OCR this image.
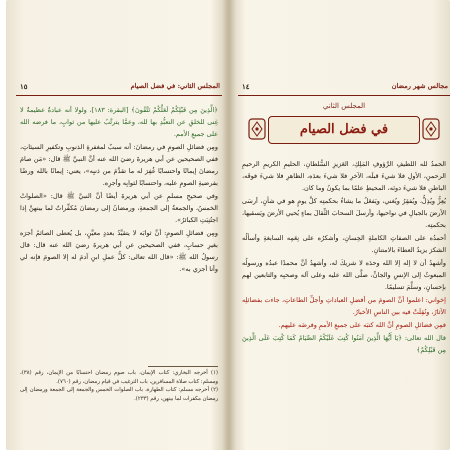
١٤	مجالس شهر رمضان
المجلس الثاني
في فضل الصيام

الحمدُ لله اللطيفِ الرَّؤوفِ المَلِكِ، العَزيزِ السُّلطانِ، الحليمِ الكريمِ الرحيمِ الرحمنِ، الأولِ فلا شيءَ قبلَه، الآخرِ فلا شيءَ بعدَه، الظاهرِ فلا شيءَ فوقَه، الباطنِ فلا شيءَ دونَه، المحيطِ علمًا بما يكونُ وما كان.

يُعِزُّ ويُذِلُّ، ويُفقِرُ ويُغني، ويَفعَلُ ما يشاءُ بحكمتِه كلَّ يومٍ هو في شأنٍ، أرسَى الأرضَ بالجبالِ في نواحيها، وأرسلَ السحابَ الثِّقالَ بماءٍ يُحيي الأرضَ ويَسقيها، بحكمتِه.

أحمدُه على الصفاتِ الكاملةِ الحِسانِ، وأشكرُه على نِعَمِه السابغةِ وأسألُه الشكرَ يزيدُ العطاءَ بالامتنانِ.

وأشهدُ أن لا إله إلا الله وحدَه لا شريكَ له، وأشهدُ أنَّ محمدًا عبدُه ورسولُه المبعوثُ إلى الإنسِ والجانِّ، صلَّى الله عليه وعلى آله وصحبِه والتابعين لهم بإحسانٍ، وسلَّمَ تسليمًا.

إخواني: اعلموا أنَّ الصومَ من أفضلِ العباداتِ وأجلِّ الطاعاتِ، جاءت بفضائلِه الآثارُ، ونُقِلَتْ فيه بين الناسِ الأخبارُ.

فمِن فضائلِ الصومِ أنَّ الله كتبَه على جميعِ الأممِ وفرضَه عليهم.

قال الله تعالى: ﴿يَا أَيُّهَا الَّذِينَ آمَنُوا كُتِبَ عَلَيْكُمُ الصِّيَامُ كَمَا كُتِبَ عَلَى الَّذِينَ مِن قَبْلِكُمْ﴾

١٥	المجلس الثاني: في فضل الصيام

﴿الَّذِينَ مِن قَبْلِكُمْ لَعَلَّكُمْ تَتَّقُونَ﴾ [البقرة: ١٨٣]، ولولا أنه عبادةٌ عظيمةٌ لا غِنى للخلقِ عن التعبُّدِ بها لله، وعمَّا يترتَّبُ عليها من ثوابٍ، ما فرضه الله على جميعِ الأمم.

ومِن فضائلِ الصومِ في رمضانَ: أنه سببٌ لمغفرةِ الذنوبِ وتكفيرِ السيئاتِ، ففي الصحيحين عن أبي هريرةَ رضيَ الله عنه أنَّ النبيَّ ﷺ قال: «مَن صامَ رمضانَ إيمانًا واحتسابًا غُفِرَ له ما تقدَّمَ من ذنبِه»، يعني: إيمانًا بالله ورضًا بفرضيةِ الصومِ عليه، واحتسابًا لثوابِه وأجرِه.

وفي صحيحِ مسلمٍ عن أبي هريرةَ أيضًا أنَّ النبيَّ ﷺ قال: «الصلواتُ الخمسُ، والجمعةُ إلى الجمعةِ، ورمضانُ إلى رمضانَ مُكفِّراتٌ لما بينهنَّ إذا اجتُنِبَتِ الكبائرُ».

ومِن فضائلِ الصومِ: أنَّ ثوابَه لا يتقيَّدُ بعددٍ معيَّنٍ، بل يُعطى الصائمُ أجرَه بغيرِ حسابٍ، ففي الصحيحين عن أبي هريرةَ رضيَ الله عنه قال: قال رسولُ الله ﷺ: «قال الله تعالى: كلُّ عملِ ابنِ آدمَ له إلا الصومَ فإنه لي وأنا أجزي به».

(١) أخرجه البخاري: كتاب الإيمان، باب صوم رمضان احتسابًا من الإيمان، رقم (٣٨)، ومسلم: كتاب صلاة المسافرين، باب الترغيب في قيام رمضان، رقم (٧٦٠).

(٢) أخرجه مسلم: كتاب الطهارة، باب الصلوات الخمس والجمعة إلى الجمعة ورمضان إلى رمضان مكفرات لما بينهن، رقم (٢٣٣).
